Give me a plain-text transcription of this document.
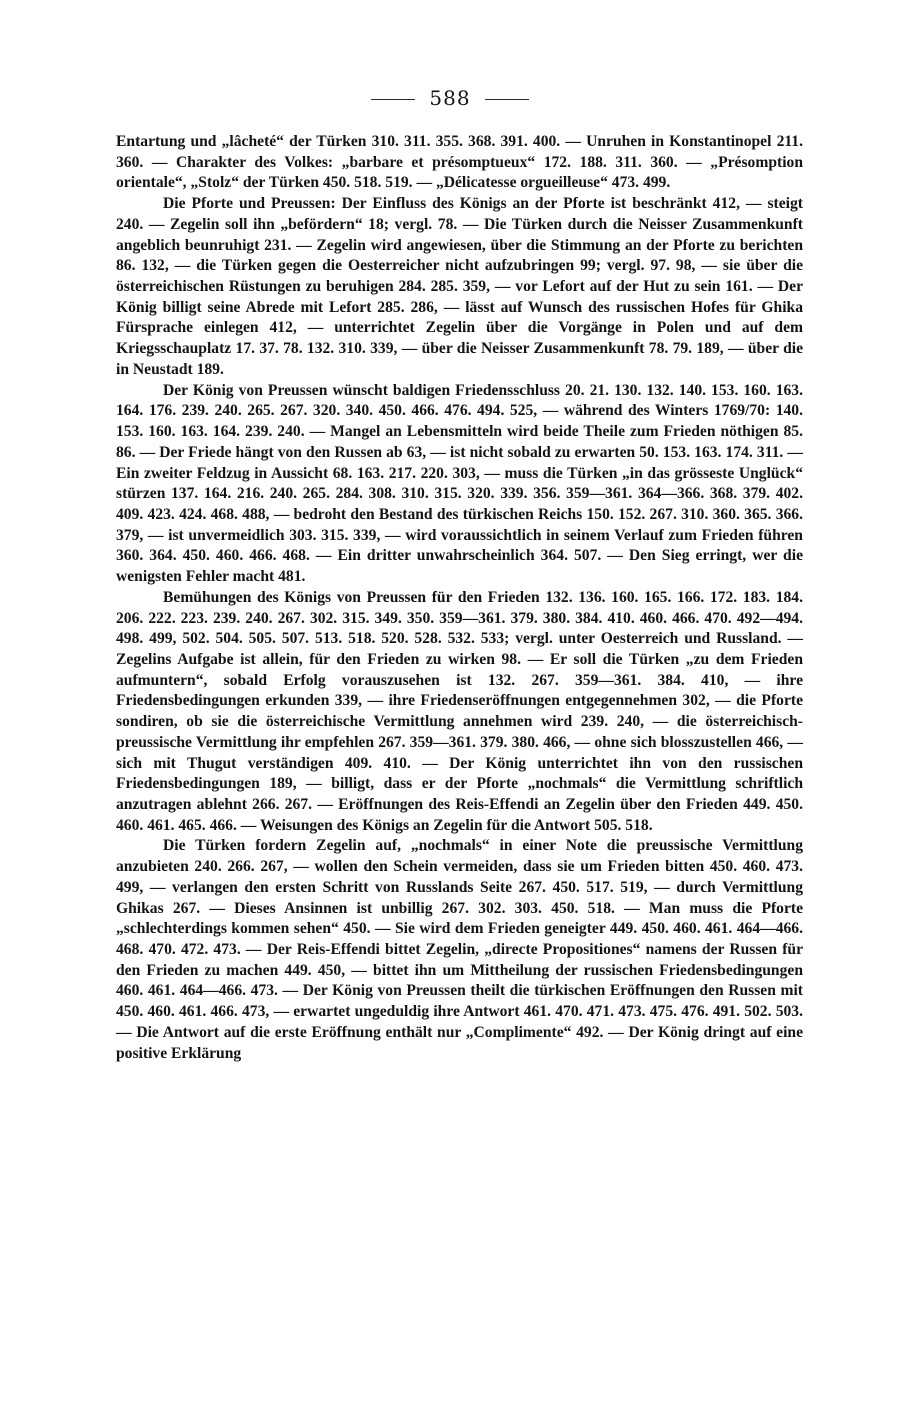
588

Entartung und „lâcheté“ der Türken 310. 311. 355. 368. 391. 400. — Unruhen in Konstantinopel 211. 360. — Charakter des Volkes: „barbare et présomptueux“ 172. 188. 311. 360. — „Présomption orientale“, „Stolz“ der Türken 450. 518. 519. — „Délicatesse orgueilleuse“ 473. 499.

Die Pforte und Preussen: Der Einfluss des Königs an der Pforte ist beschränkt 412, — steigt 240. — Zegelin soll ihn „befördern“ 18; vergl. 78. — Die Türken durch die Neisser Zusammenkunft angeblich beunruhigt 231. — Zegelin wird angewiesen, über die Stimmung an der Pforte zu berichten 86. 132, — die Türken gegen die Oesterreicher nicht aufzubringen 99; vergl. 97. 98, — sie über die österreichischen Rüstungen zu beruhigen 284. 285. 359, — vor Lefort auf der Hut zu sein 161. — Der König billigt seine Abrede mit Lefort 285. 286, — lässt auf Wunsch des russischen Hofes für Ghika Fürsprache einlegen 412, — unterrichtet Zegelin über die Vorgänge in Polen und auf dem Kriegsschauplatz 17. 37. 78. 132. 310. 339, — über die Neisser Zusammenkunft 78. 79. 189, — über die in Neustadt 189.

Der König von Preussen wünscht baldigen Friedensschluss 20. 21. 130. 132. 140. 153. 160. 163. 164. 176. 239. 240. 265. 267. 320. 340. 450. 466. 476. 494. 525, — während des Winters 1769/70: 140. 153. 160. 163. 164. 239. 240. — Mangel an Lebensmitteln wird beide Theile zum Frieden nöthigen 85. 86. — Der Friede hängt von den Russen ab 63, — ist nicht sobald zu erwarten 50. 153. 163. 174. 311. — Ein zweiter Feldzug in Aussicht 68. 163. 217. 220. 303, — muss die Türken „in das grösseste Unglück“ stürzen 137. 164. 216. 240. 265. 284. 308. 310. 315. 320. 339. 356. 359—361. 364—366. 368. 379. 402. 409. 423. 424. 468. 488, — bedroht den Bestand des türkischen Reichs 150. 152. 267. 310. 360. 365. 366. 379, — ist unvermeidlich 303. 315. 339, — wird voraussichtlich in seinem Verlauf zum Frieden führen 360. 364. 450. 460. 466. 468. — Ein dritter unwahrscheinlich 364. 507. — Den Sieg erringt, wer die wenigsten Fehler macht 481.

Bemühungen des Königs von Preussen für den Frieden 132. 136. 160. 165. 166. 172. 183. 184. 206. 222. 223. 239. 240. 267. 302. 315. 349. 350. 359—361. 379. 380. 384. 410. 460. 466. 470. 492—494. 498. 499, 502. 504. 505. 507. 513. 518. 520. 528. 532. 533; vergl. unter Oesterreich und Russland. — Zegelins Aufgabe ist allein, für den Frieden zu wirken 98. — Er soll die Türken „zu dem Frieden aufmuntern“, sobald Erfolg vorauszusehen ist 132. 267. 359—361. 384. 410, — ihre Friedensbedingungen erkunden 339, — ihre Friedenseröffnungen entgegennehmen 302, — die Pforte sondiren, ob sie die österreichische Vermittlung annehmen wird 239. 240, — die österreichisch-preussische Vermittlung ihr empfehlen 267. 359—361. 379. 380. 466, — ohne sich blosszustellen 466, — sich mit Thugut verständigen 409. 410. — Der König unterrichtet ihn von den russischen Friedensbedingungen 189, — billigt, dass er der Pforte „nochmals“ die Vermittlung schriftlich anzutragen ablehnt 266. 267. — Eröffnungen des Reis-Effendi an Zegelin über den Frieden 449. 450. 460. 461. 465. 466. — Weisungen des Königs an Zegelin für die Antwort 505. 518.

Die Türken fordern Zegelin auf, „nochmals“ in einer Note die preussische Vermittlung anzubieten 240. 266. 267, — wollen den Schein vermeiden, dass sie um Frieden bitten 450. 460. 473. 499, — verlangen den ersten Schritt von Russlands Seite 267. 450. 517. 519, — durch Vermittlung Ghikas 267. — Dieses Ansinnen ist unbillig 267. 302. 303. 450. 518. — Man muss die Pforte „schlechterdings kommen sehen“ 450. — Sie wird dem Frieden geneigter 449. 450. 460. 461. 464—466. 468. 470. 472. 473. — Der Reis-Effendi bittet Zegelin, „directe Propositiones“ namens der Russen für den Frieden zu machen 449. 450, — bittet ihn um Mittheilung der russischen Friedensbedingungen 460. 461. 464—466. 473. — Der König von Preussen theilt die türkischen Eröffnungen den Russen mit 450. 460. 461. 466. 473, — erwartet ungeduldig ihre Antwort 461. 470. 471. 473. 475. 476. 491. 502. 503. — Die Antwort auf die erste Eröffnung enthält nur „Complimente“ 492. — Der König dringt auf eine positive Erklärung
